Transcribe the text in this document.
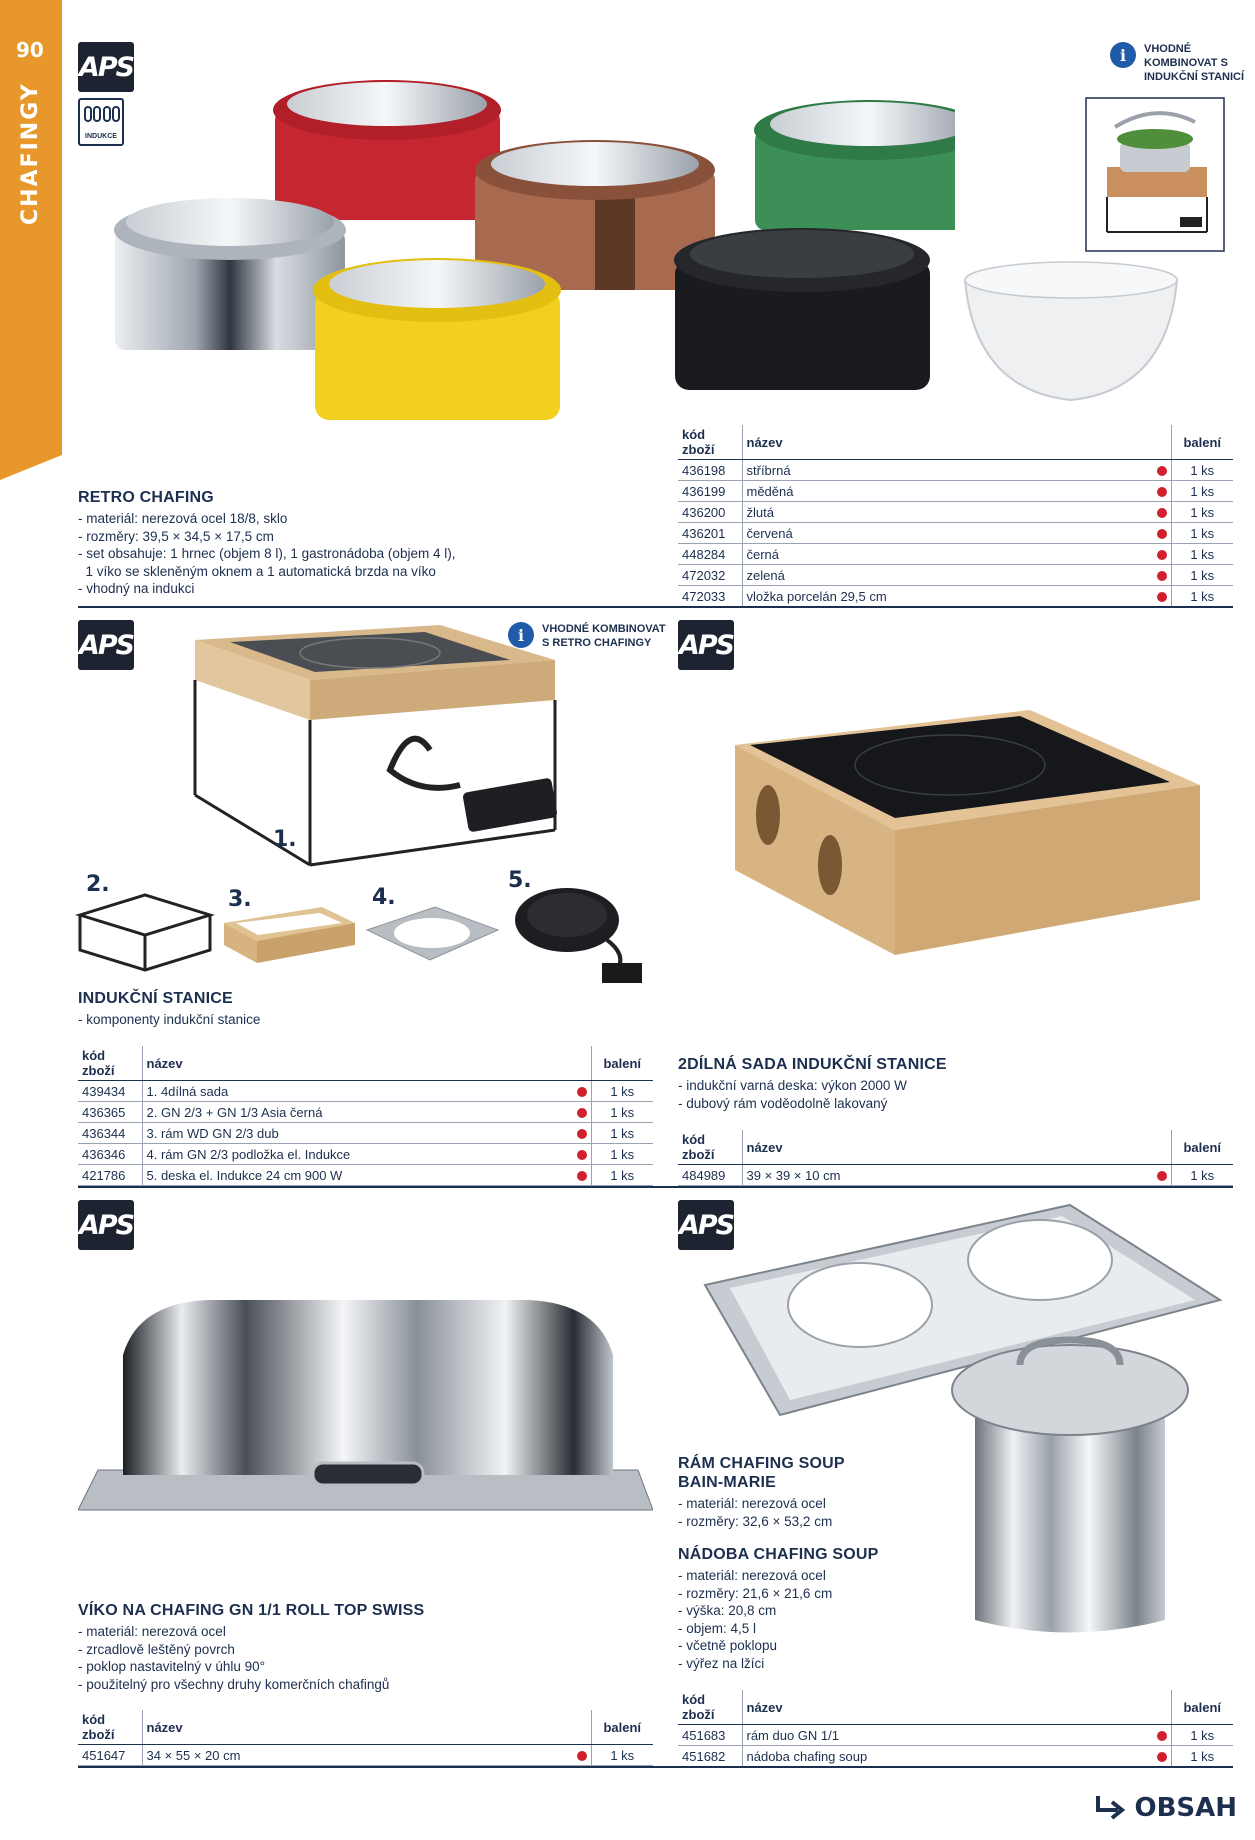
90
CHAFINGY
APS
INDUKCE
i	VHODNÉ KOMBINOVAT S INDUKČNÍ STANICÍ
RETRO CHAFING
- materiál: nerezová ocel 18/8, sklo
- rozměry: 39,5 × 34,5 × 17,5 cm
- set obsahuje: 1 hrnec (objem 8 l), 1 gastronádoba (objem 4 l),
1 víko se skleněným oknem a 1 automatická brzda na víko
- vhodný na indukci
kód zboží	název		balení
436198	stříbrná		1 ks
436199	měděná		1 ks
436200	žlutá		1 ks
436201	červená		1 ks
448284	černá		1 ks
472032	zelená		1 ks
472033	vložka porcelán 29,5 cm		1 ks
APS	i	VHODNÉ KOMBINOVAT S RETRO CHAFINGY
1.
2.
3.	4.
5.
INDUKČNÍ STANICE
- komponenty indukční stanice
kód zboží	název		balení
439434	1. 4dílná sada		1 ks
436365	2. GN 2/3 + GN 1/3 Asia černá		1 ks
436344	3. rám WD GN 2/3 dub		1 ks
436346	4. rám GN 2/3 podložka el. Indukce		1 ks
421786	5. deska el. Indukce 24 cm 900 W		1 ks
APS
2DÍLNÁ SADA INDUKČNÍ STANICE
- indukční varná deska: výkon 2000 W
- dubový rám voděodolně lakovaný
kód zboží	název		balení
484989	39 × 39 × 10 cm		1 ks
APS
VÍKO NA CHAFING GN 1/1 ROLL TOP SWISS
- materiál: nerezová ocel
- zrcadlově leštěný povrch
- poklop nastavitelný v úhlu 90°
- použitelný pro všechny druhy komerčních chafingů
kód zboží	název		balení
451647	34 × 55 × 20 cm		1 ks
APS
RÁM CHAFING SOUP
BAIN-MARIE
- materiál: nerezová ocel
- rozměry: 32,6 × 53,2 cm
NÁDOBA CHAFING SOUP
- materiál: nerezová ocel
- rozměry: 21,6 × 21,6 cm
- výška: 20,8 cm
- objem: 4,5 l
- včetně poklopu
- výřez na lžíci
kód zboží	název		balení
451683	rám duo GN 1/1		1 ks
451682	nádoba chafing soup		1 ks
OBSAH
